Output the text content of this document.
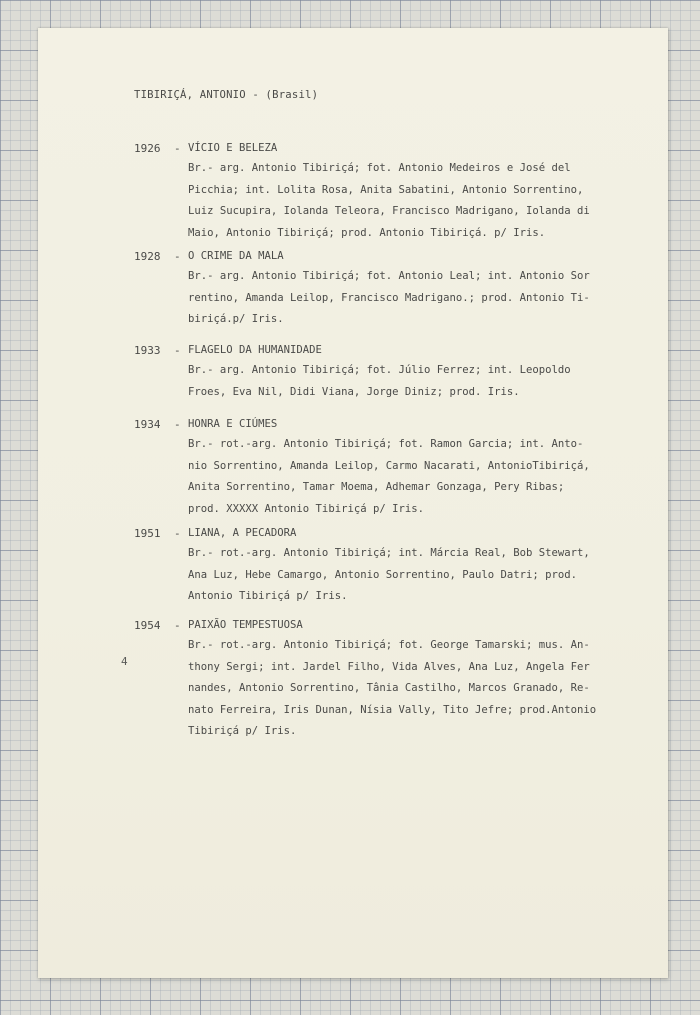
TIBIRIÇÁ, ANTONIO - (Brasil)
1926 - VÍCIO E BELEZA
Br.- arg. Antonio Tibiriçá; fot. Antonio Medeiros e José del
Picchia; int. Lolita Rosa, Anita Sabatini, Antonio Sorrentino,
Luiz Sucupira, Iolanda Teleora, Francisco Madrigano, Iolanda di
Maio, Antonio Tibiriçá; prod. Antonio Tibiriçá. p/ Iris.
1928 - O CRIME DA MALA
Br.- arg. Antonio Tibiriçá; fot. Antonio Leal; int. Antonio Sor
rentino, Amanda Leilop, Francisco Madrigano.; prod. Antonio Ti-
biriçá.p/ Iris.
1933 - FLAGELO DA HUMANIDADE
Br.- arg. Antonio Tibiriçá; fot. Júlio Ferrez; int. Leopoldo
Froes, Eva Nil, Didi Viana, Jorge Diniz; prod. Iris.
1934 - HONRA E CIÚMES
Br.- rot.-arg. Antonio Tibiriçá; fot. Ramon Garcia; int. Anto-
nio Sorrentino, Amanda Leilop, Carmo Nacarati, AntonioTibiriçá,
Anita Sorrentino, Tamar Moema, Adhemar Gonzaga, Pery Ribas;
prod. XXXXX Antonio Tibiriçá p/ Iris.
1951 - LIANA, A PECADORA
Br.- rot.-arg. Antonio Tibiriçá; int. Márcia Real, Bob Stewart,
Ana Luz, Hebe Camargo, Antonio Sorrentino, Paulo Datri; prod.
Antonio Tibiriçá p/ Iris.
1954 - PAIXÃO TEMPESTUOSA
Br.- rot.-arg. Antonio Tibiriçá; fot. George Tamarski; mus. An-
thony Sergi; int. Jardel Filho, Vida Alves, Ana Luz, Angela Fer
nandes, Antonio Sorrentino, Tânia Castilho, Marcos Granado, Re-
nato Ferreira, Iris Dunan, Nísia Vally, Tito Jefre; prod.Antonio
Tibiriçá p/ Iris.
4
